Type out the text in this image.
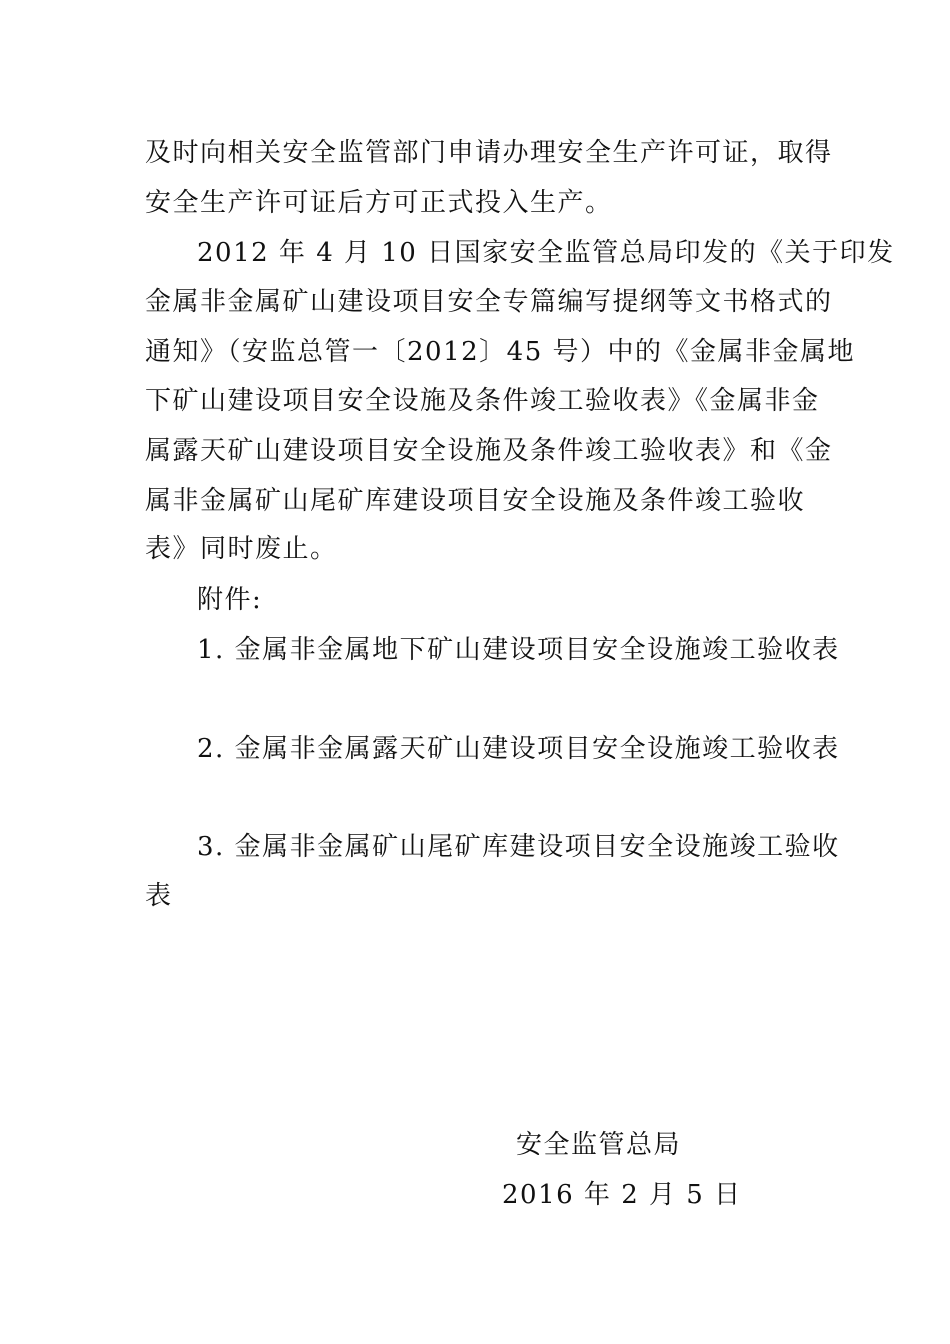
及时向相关安全监管部门申请办理安全生产许可证，取得
安全生产许可证后方可正式投入生产。
2012 年 4 月 10 日国家安全监管总局印发的《关于印发
金属非金属矿山建设项目安全专篇编写提纲等文书格式的
通知》（安监总管一〔2012〕45 号）中的《金属非金属地
下矿山建设项目安全设施及条件竣工验收表》《金属非金
属露天矿山建设项目安全设施及条件竣工验收表》和《金
属非金属矿山尾矿库建设项目安全设施及条件竣工验收
表》同时废止。
附件:
1. 金属非金属地下矿山建设项目安全设施竣工验收表
2. 金属非金属露天矿山建设项目安全设施竣工验收表
3. 金属非金属矿山尾矿库建设项目安全设施竣工验收
表
安全监管总局
2016 年 2 月 5 日
